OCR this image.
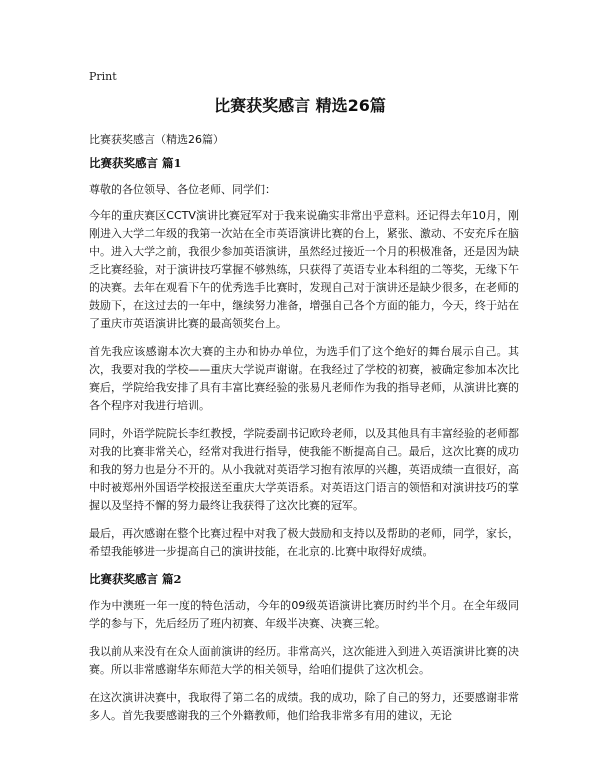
Print
比赛获奖感言 精选26篇

比赛获奖感言（精选26篇）

比赛获奖感言 篇1

尊敬的各位领导、各位老师、同学们：

今年的重庆赛区CCTV演讲比赛冠军对于我来说确实非常出乎意料。还记得去年10月，刚刚进入大学二年级的我第一次站在全市英语演讲比赛的台上，紧张、激动、不安充斥在脑中。进入大学之前，我很少参加英语演讲，虽然经过接近一个月的积极准备，还是因为缺乏比赛经验，对于演讲技巧掌握不够熟练，只获得了英语专业本科组的二等奖，无缘下午的决赛。去年在观看下午的优秀选手比赛时，发现自己对于演讲还是缺少很多，在老师的鼓励下，在这过去的一年中，继续努力准备，增强自己各个方面的能力，今天，终于站在了重庆市英语演讲比赛的最高领奖台上。

首先我应该感谢本次大赛的主办和协办单位，为选手们了这个绝好的舞台展示自己。其次，我要对我的学校——重庆大学说声谢谢。在我经过了学校的初赛，被确定参加本次比赛后，学院给我安排了具有丰富比赛经验的张易凡老师作为我的指导老师，从演讲比赛的各个程序对我进行培训。

同时，外语学院院长李红教授，学院委副书记欧玲老师，以及其他具有丰富经验的老师都对我的比赛非常关心，经常对我进行指导，使我能不断提高自己。最后，这次比赛的成功和我的努力也是分不开的。从小我就对英语学习抱有浓厚的兴趣，英语成绩一直很好，高中时被郑州外国语学校报送至重庆大学英语系。对英语这门语言的领悟和对演讲技巧的掌握以及坚持不懈的努力最终让我获得了这次比赛的冠军。

最后，再次感谢在整个比赛过程中对我了极大鼓励和支持以及帮助的老师，同学，家长，希望我能够进一步提高自己的演讲技能，在北京的.比赛中取得好成绩。

比赛获奖感言 篇2

作为中澳班一年一度的特色活动，今年的09级英语演讲比赛历时约半个月。在全年级同学的参与下，先后经历了班内初赛、年级半决赛、决赛三轮。

我以前从来没有在众人面前演讲的经历。非常高兴，这次能进入到进入英语演讲比赛的决赛。所以非常感谢华东师范大学的相关领导，给咱们提供了这次机会。

在这次演讲决赛中，我取得了第二名的成绩。我的成功，除了自己的努力，还要感谢非常多人。首先我要感谢我的三个外籍教师，他们给我非常多有用的建议，无论
